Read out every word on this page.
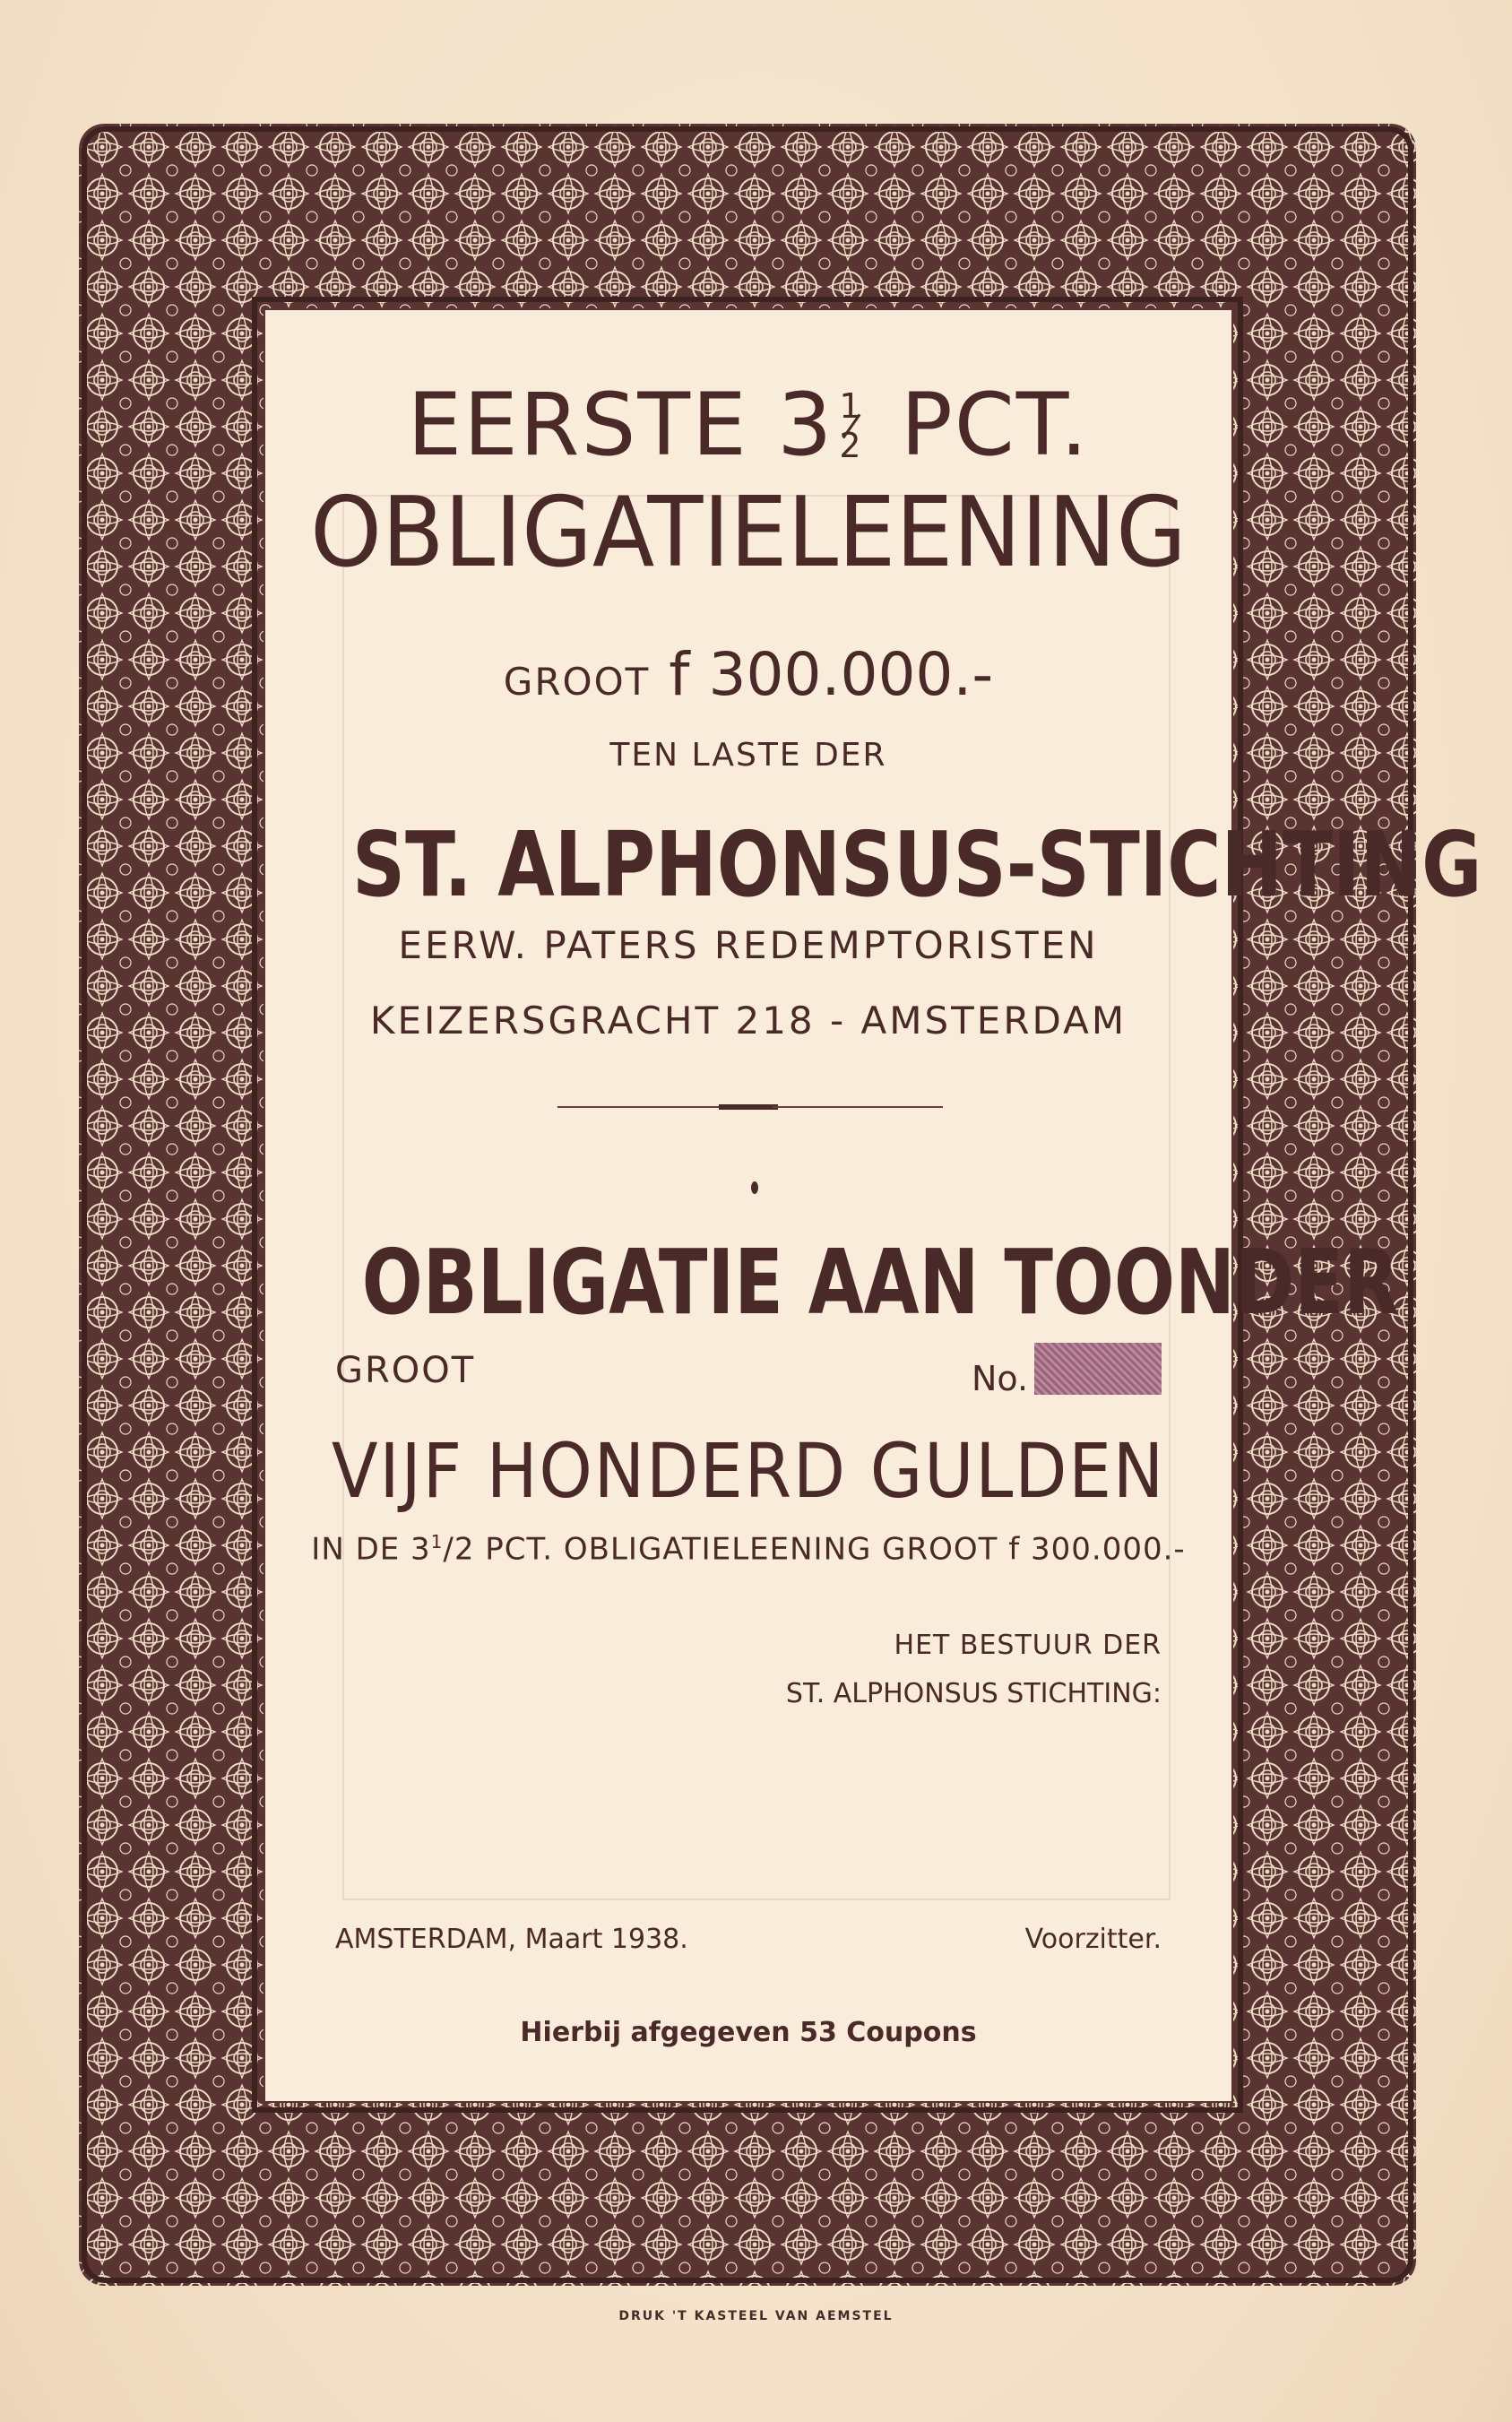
EERSTE 3 1
2 PCT.
OBLIGATIELEENING
GROOT f 300.000.-
TEN LASTE DER
ST. ALPHONSUS-STICHTING
EERW. PATERS REDEMPTORISTEN
KEIZERSGRACHT 218 - AMSTERDAM
OBLIGATIE AAN TOONDER
GROOT	No.
VIJF HONDERD GULDEN
IN DE $3^1/2$ PCT. OBLIGATIELEENING GROOT f 300.000.-
HET BESTUUR DER
ST. ALPHONSUS STICHTING:
AMSTERDAM, Maart 1938.	Voorzitter.
Hierbij afgegeven 53 Coupons
DRUK 'T KASTEEL VAN AEMSTEL
